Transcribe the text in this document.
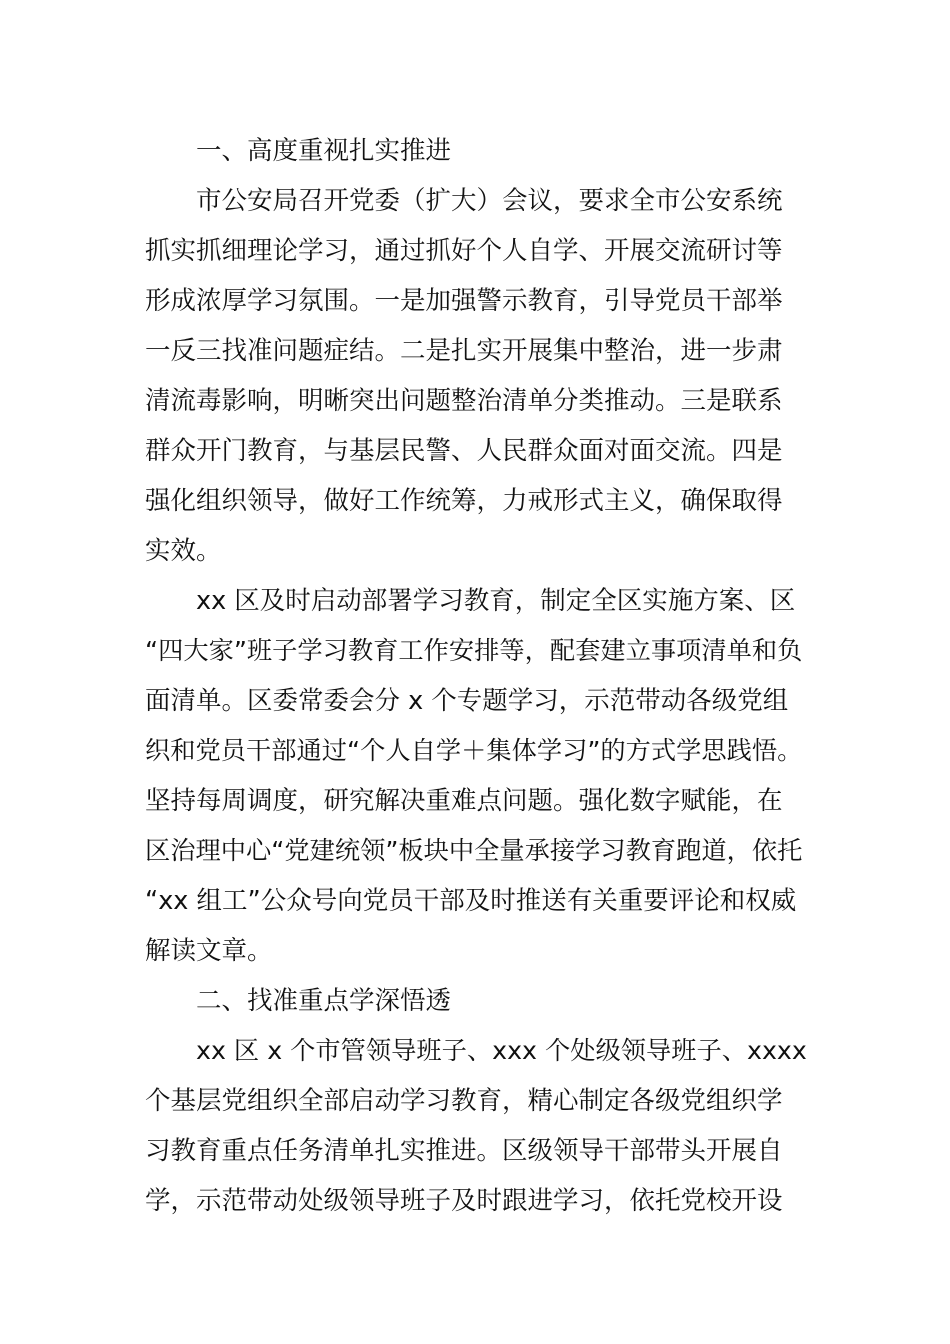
一、高度重视扎实推进
市公安局召开党委（扩大）会议，要求全市公安系统
抓实抓细理论学习，通过抓好个人自学、开展交流研讨等
形成浓厚学习氛围。一是加强警示教育，引导党员干部举
一反三找准问题症结。二是扎实开展集中整治，进一步肃
清流毒影响，明晰突出问题整治清单分类推动。三是联系
群众开门教育，与基层民警、人民群众面对面交流。四是
强化组织领导，做好工作统筹，力戒形式主义，确保取得
实效。
xx 区及时启动部署学习教育，制定全区实施方案、区
“四大家”班子学习教育工作安排等，配套建立事项清单和负
面清单。区委常委会分 x 个专题学习，示范带动各级党组
织和党员干部通过“个人自学＋集体学习”的方式学思践悟。
坚持每周调度，研究解决重难点问题。强化数字赋能，在
区治理中心“党建统领”板块中全量承接学习教育跑道，依托
“xx 组工”公众号向党员干部及时推送有关重要评论和权威
解读文章。
二、找准重点学深悟透
xx 区 x 个市管领导班子、xxx 个处级领导班子、xxxx
个基层党组织全部启动学习教育，精心制定各级党组织学
习教育重点任务清单扎实推进。区级领导干部带头开展自
学，示范带动处级领导班子及时跟进学习，依托党校开设
